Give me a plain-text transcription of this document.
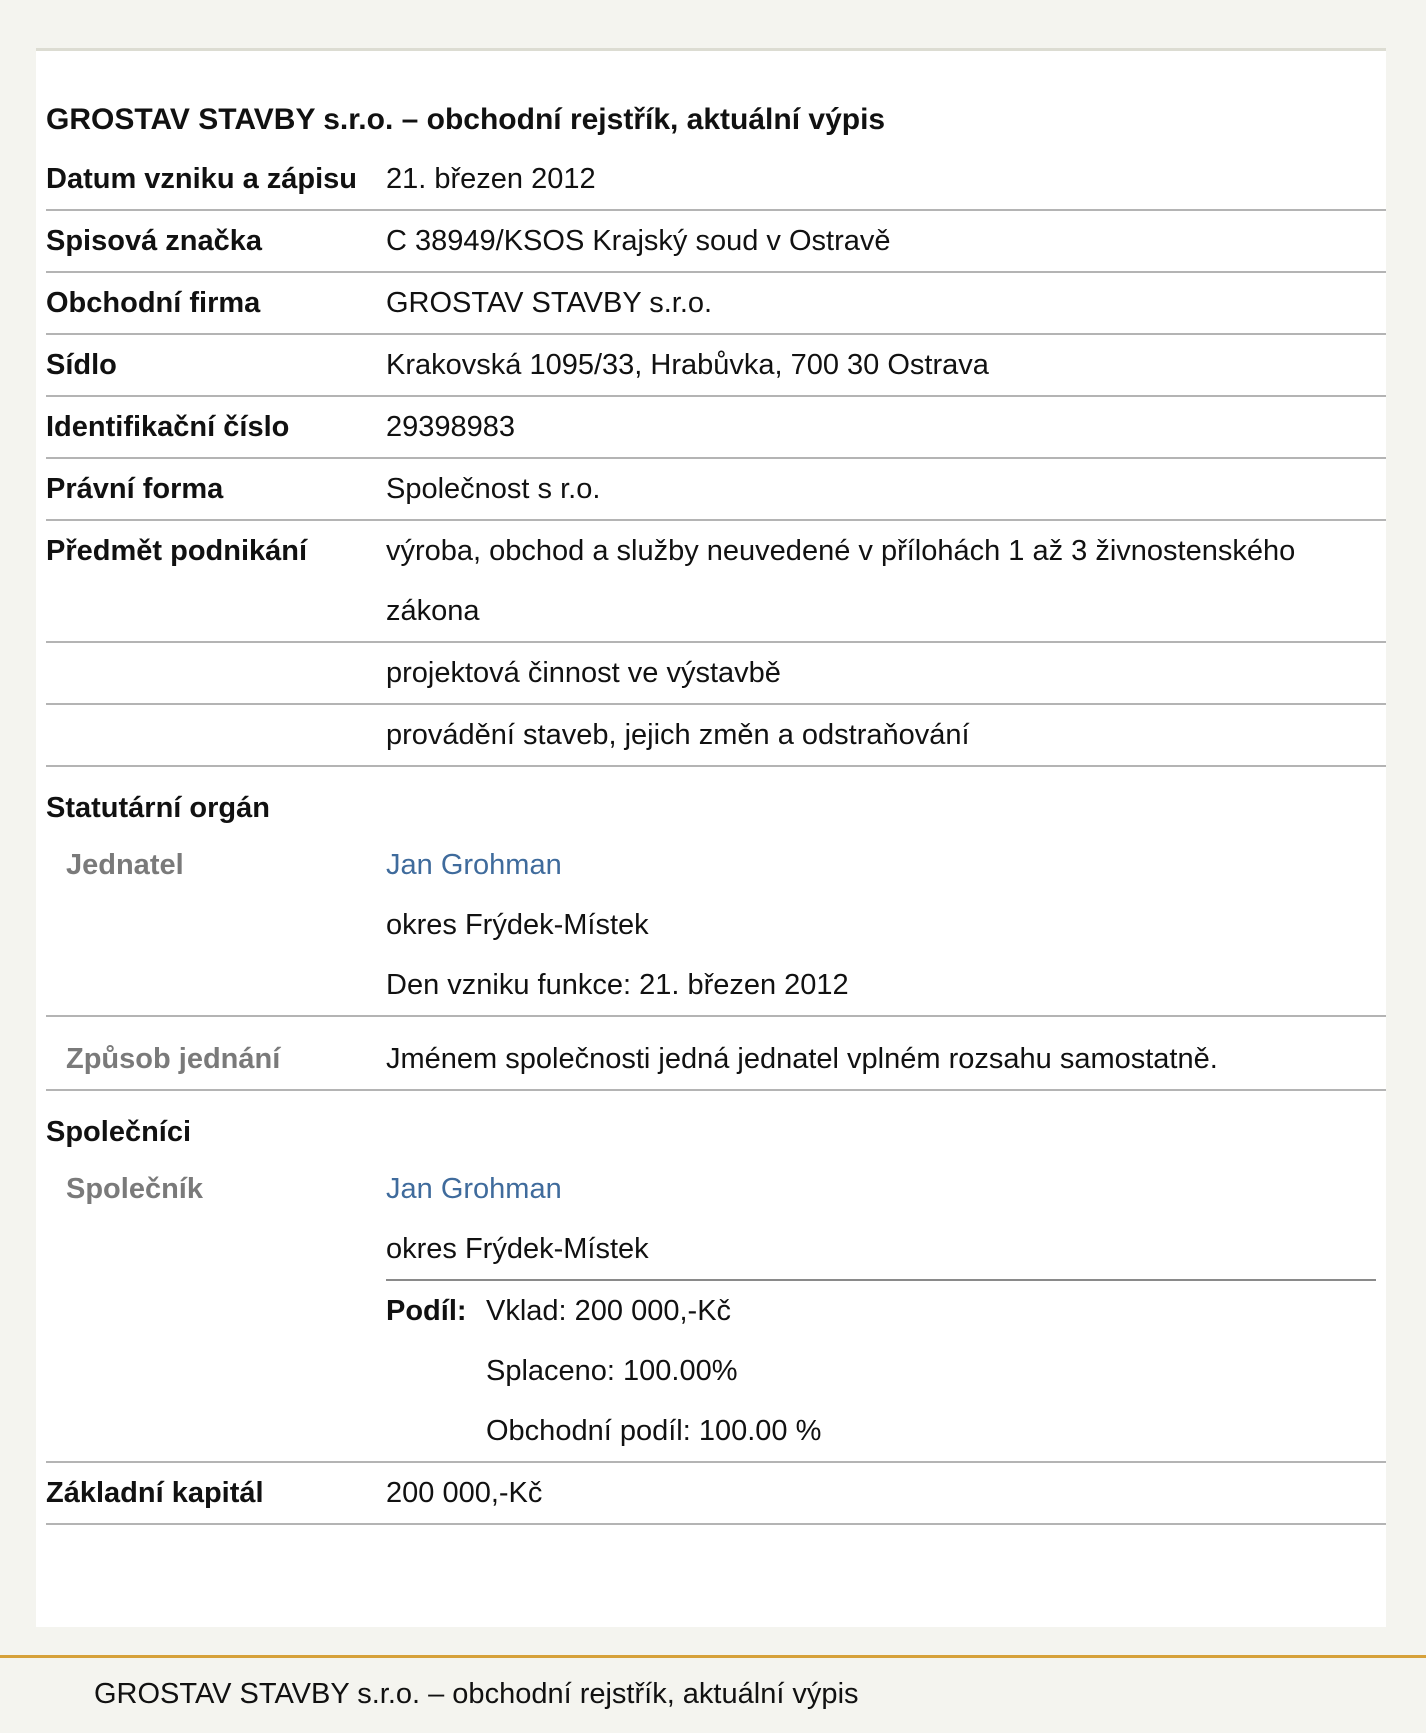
GROSTAV STAVBY s.r.o. – obchodní rejstřík, aktuální výpis
Datum vzniku a zápisu	21. březen 2012
Spisová značka	C 38949/KSOS Krajský soud v Ostravě
Obchodní firma	GROSTAV STAVBY s.r.o.
Sídlo	Krakovská 1095/33, Hrabůvka, 700 30 Ostrava
Identifikační číslo	29398983
Právní forma	Společnost s r.o.
Předmět podnikání	výroba, obchod a služby neuvedené v přílohách 1 až 3 živnostenského zákona
	projektová činnost ve výstavbě
	provádění staveb, jejich změn a odstraňování
Statutární orgán
Jednatel	Jan Grohman
okres Frýdek-Místek
Den vzniku funkce: 21. březen 2012

Způsob jednání	Jménem společnosti jedná jednatel vplném rozsahu samostatně.
Společníci
Společník	Jan Grohman
okres Frýdek-Místek
Podíl:	Vklad: 200 000,-Kč
	Splaceno: 100.00%
	Obchodní podíl: 100.00 %

Základní kapitál	200 000,-Kč
GROSTAV STAVBY s.r.o. – obchodní rejstřík, aktuální výpis
